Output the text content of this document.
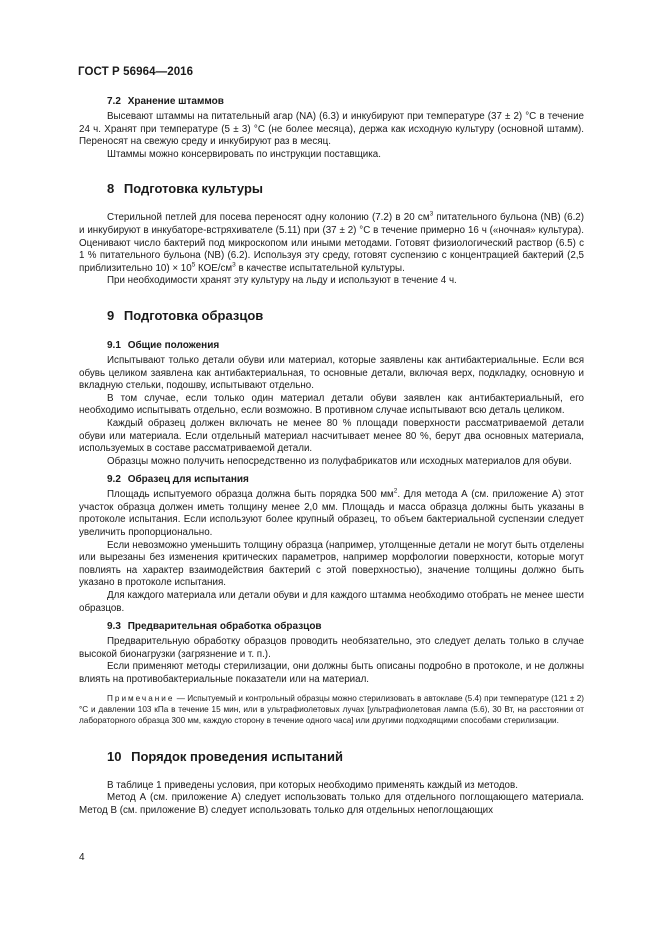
ГОСТ Р 56964—2016
7.2 Хранение штаммов

Высевают штаммы на питательный агар (NA) (6.3) и инкубируют при температуре (37 ± 2) °C в течение 24 ч. Хранят при температуре (5 ± 3) °C (не более месяца), держа как исходную культуру (основной штамм). Переносят на свежую среду и инкубируют раз в месяц.

Штаммы можно консервировать по инструкции поставщика.

8 Подготовка культуры

Стерильной петлей для посева переносят одну колонию (7.2) в 20 $см^3$ питательного бульона (NB) (6.2) и инкубируют в инкубаторе-встряхивателе (5.11) при (37 ± 2) °C в течение примерно 16 ч («ночная» культура). Оценивают число бактерий под микроскопом или иными методами. Готовят физиологический раствор (6.5) с 1 % питательного бульона (NB) (6.2). Используя эту среду, готовят суспензию с концентрацией бактерий (2,5 приблизительно $10) \times 10^5$ КОЕ/$см^3$ в качестве испытательной культуры.

При необходимости хранят эту культуру на льду и используют в течение 4 ч.

9 Подготовка образцов
9.1 Общие положения

Испытывают только детали обуви или материал, которые заявлены как антибактериальные. Если вся обувь целиком заявлена как антибактериальная, то основные детали, включая верх, подкладку, основную и вкладную стельки, подошву, испытывают отдельно.

В том случае, если только один материал детали обуви заявлен как антибактериальный, его необходимо испытывать отдельно, если возможно. В противном случае испытывают всю деталь целиком.

Каждый образец должен включать не менее 80 % площади поверхности рассматриваемой детали обуви или материала. Если отдельный материал насчитывает менее 80 %, берут два основных материала, используемых в составе рассматриваемой детали.

Образцы можно получить непосредственно из полуфабрикатов или исходных материалов для обуви.

9.2 Образец для испытания

Площадь испытуемого образца должна быть порядка 500 $мм^2$. Для метода А (см. приложение А) этот участок образца должен иметь толщину менее 2,0 мм. Площадь и масса образца должны быть указаны в протоколе испытания. Если используют более крупный образец, то объем бактериальной суспензии следует увеличить пропорционально.

Если невозможно уменьшить толщину образца (например, утолщенные детали не могут быть отделены или вырезаны без изменения критических параметров, например морфологии поверхности, которые могут повлиять на характер взаимодействия бактерий с этой поверхностью), значение толщины должно быть указано в протоколе испытания.

Для каждого материала или детали обуви и для каждого штамма необходимо отобрать не менее шести образцов.

9.3 Предварительная обработка образцов

Предварительную обработку образцов проводить необязательно, это следует делать только в случае высокой бионагрузки (загрязнение и т. п.).

Если применяют методы стерилизации, они должны быть описаны подробно в протоколе, и не должны влиять на противобактериальные показатели или на материал.

Примечание — Испытуемый и контрольный образцы можно стерилизовать в автоклаве (5.4) при температуре (121 ± 2) °C и давлении 103 кПа в течение 15 мин, или в ультрафиолетовых лучах [ультрафиолетовая лампа (5.6), 30 Вт, на расстоянии от лабораторного образца 300 мм, каждую сторону в течение одного часа] или другими подходящими способами стерилизации.

10 Порядок проведения испытаний

В таблице 1 приведены условия, при которых необходимо применять каждый из методов.

Метод А (см. приложение А) следует использовать только для отдельного поглощающего материала. Метод В (см. приложение В) следует использовать только для отдельных непоглощающих

4
